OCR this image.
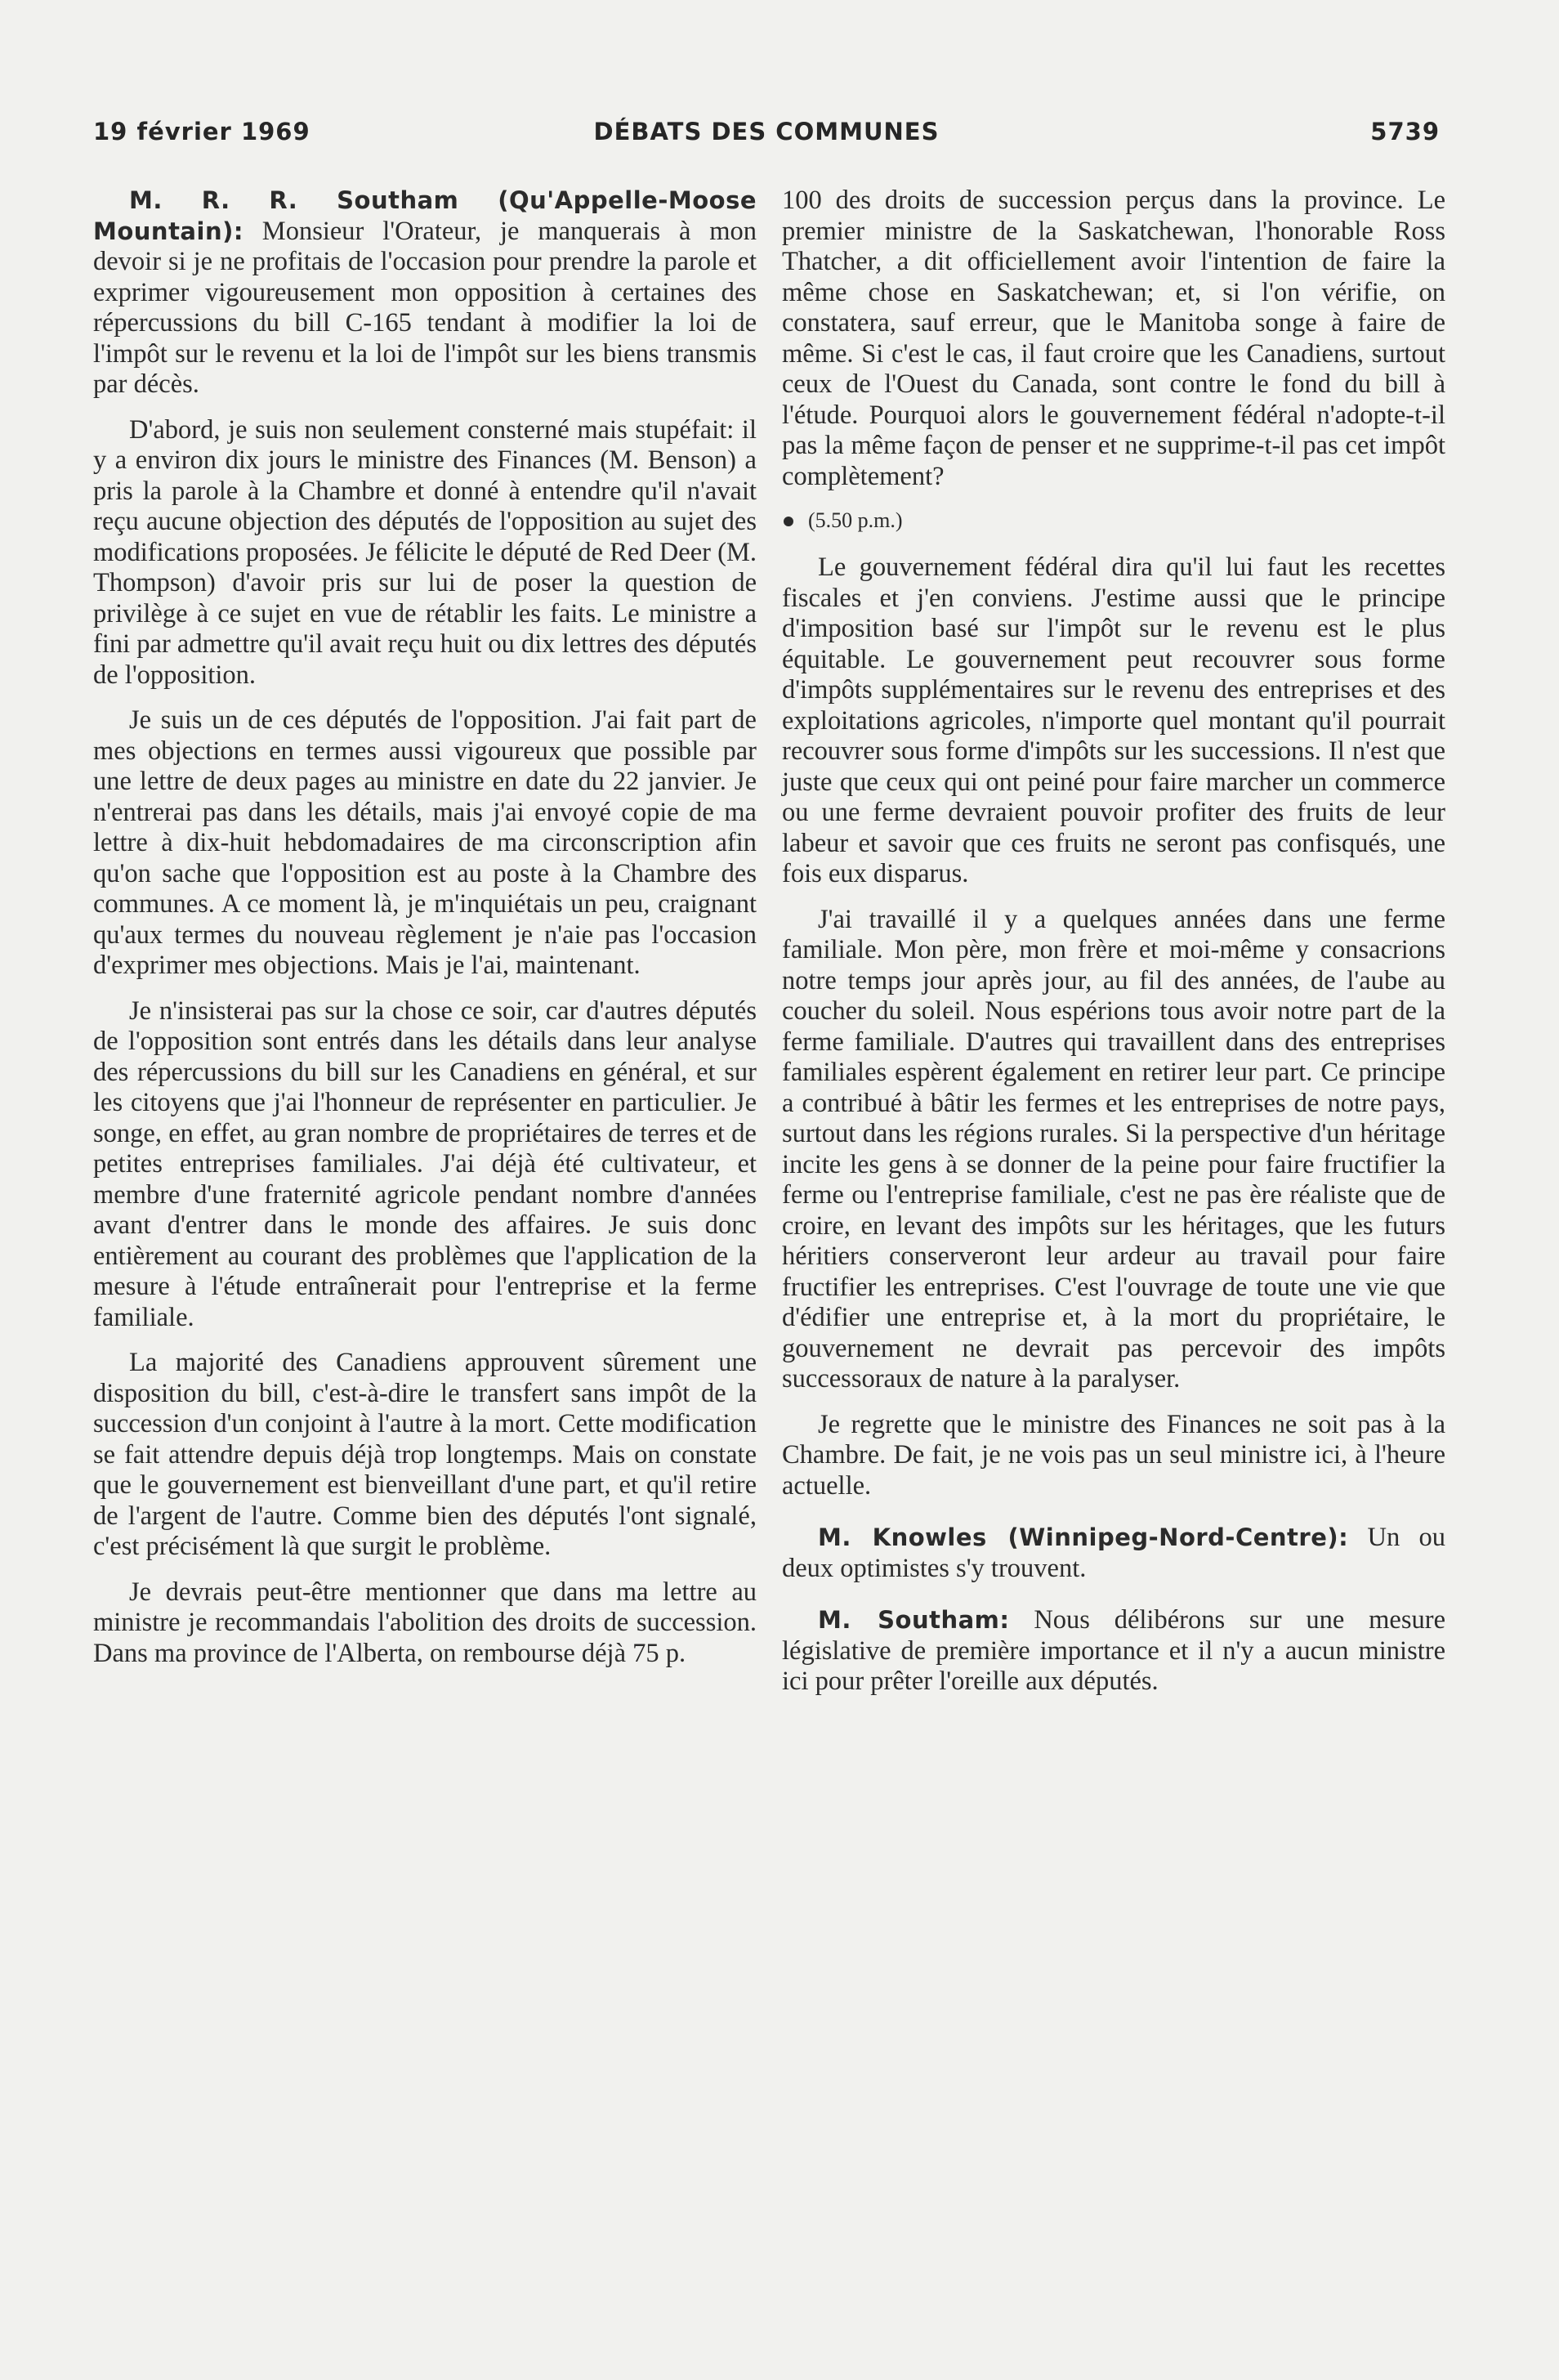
19 février 1969	DÉBATS DES COMMUNES	5739

M. R. R. Southam (Qu'Appelle-Moose Mountain): Monsieur l'Orateur, je manquerais à mon devoir si je ne profitais de l'occasion pour prendre la parole et exprimer vigoureusement mon opposition à certaines des répercussions du bill C-165 tendant à modifier la loi de l'impôt sur le revenu et la loi de l'impôt sur les biens transmis par décès.

D'abord, je suis non seulement consterné mais stupéfait: il y a environ dix jours le ministre des Finances (M. Benson) a pris la parole à la Chambre et donné à entendre qu'il n'avait reçu aucune objection des députés de l'opposition au sujet des modifications proposées. Je félicite le député de Red Deer (M. Thompson) d'avoir pris sur lui de poser la question de privilège à ce sujet en vue de rétablir les faits. Le ministre a fini par admettre qu'il avait reçu huit ou dix lettres des députés de l'opposition.

Je suis un de ces députés de l'opposition. J'ai fait part de mes objections en termes aussi vigoureux que possible par une lettre de deux pages au ministre en date du 22 janvier. Je n'entrerai pas dans les détails, mais j'ai envoyé copie de ma lettre à dix-huit hebdomadaires de ma circonscription afin qu'on sache que l'opposition est au poste à la Chambre des communes. A ce moment là, je m'inquiétais un peu, craignant qu'aux termes du nouveau règlement je n'aie pas l'occasion d'exprimer mes objections. Mais je l'ai, maintenant.

Je n'insisterai pas sur la chose ce soir, car d'autres députés de l'opposition sont entrés dans les détails dans leur analyse des répercussions du bill sur les Canadiens en général, et sur les citoyens que j'ai l'honneur de représenter en particulier. Je songe, en effet, au gran nombre de propriétaires de terres et de petites entreprises familiales. J'ai déjà été cultivateur, et membre d'une fraternité agricole pendant nombre d'années avant d'entrer dans le monde des affaires. Je suis donc entièrement au courant des problèmes que l'application de la mesure à l'étude entraînerait pour l'entreprise et la ferme familiale.

La majorité des Canadiens approuvent sûrement une disposition du bill, c'est-à-dire le transfert sans impôt de la succession d'un conjoint à l'autre à la mort. Cette modification se fait attendre depuis déjà trop longtemps. Mais on constate que le gouvernement est bienveillant d'une part, et qu'il retire de l'argent de l'autre. Comme bien des députés l'ont signalé, c'est précisément là que surgit le problème.

Je devrais peut-être mentionner que dans ma lettre au ministre je recommandais l'abolition des droits de succession. Dans ma province de l'Alberta, on rembourse déjà 75 p.

100 des droits de succession perçus dans la province. Le premier ministre de la Saskatchewan, l'honorable Ross Thatcher, a dit officiellement avoir l'intention de faire la même chose en Saskatchewan; et, si l'on vérifie, on constatera, sauf erreur, que le Manitoba songe à faire de même. Si c'est le cas, il faut croire que les Canadiens, surtout ceux de l'Ouest du Canada, sont contre le fond du bill à l'étude. Pourquoi alors le gouvernement fédéral n'adopte-t-il pas la même façon de penser et ne supprime-t-il pas cet impôt complètement?

(5.50 p.m.)

Le gouvernement fédéral dira qu'il lui faut les recettes fiscales et j'en conviens. J'estime aussi que le principe d'imposition basé sur l'impôt sur le revenu est le plus équitable. Le gouvernement peut recouvrer sous forme d'impôts supplémentaires sur le revenu des entreprises et des exploitations agricoles, n'importe quel montant qu'il pourrait recouvrer sous forme d'impôts sur les successions. Il n'est que juste que ceux qui ont peiné pour faire marcher un commerce ou une ferme devraient pouvoir profiter des fruits de leur labeur et savoir que ces fruits ne seront pas confisqués, une fois eux disparus.

J'ai travaillé il y a quelques années dans une ferme familiale. Mon père, mon frère et moi-même y consacrions notre temps jour après jour, au fil des années, de l'aube au coucher du soleil. Nous espérions tous avoir notre part de la ferme familiale. D'autres qui travaillent dans des entreprises familiales espèrent également en retirer leur part. Ce principe a contribué à bâtir les fermes et les entreprises de notre pays, surtout dans les régions rurales. Si la perspective d'un héritage incite les gens à se donner de la peine pour faire fructifier la ferme ou l'entreprise familiale, c'est ne pas ère réaliste que de croire, en levant des impôts sur les héritages, que les futurs héritiers conserveront leur ardeur au travail pour faire fructifier les entreprises. C'est l'ouvrage de toute une vie que d'édifier une entreprise et, à la mort du propriétaire, le gouvernement ne devrait pas percevoir des impôts successoraux de nature à la paralyser.

Je regrette que le ministre des Finances ne soit pas à la Chambre. De fait, je ne vois pas un seul ministre ici, à l'heure actuelle.

M. Knowles (Winnipeg-Nord-Centre): Un ou deux optimistes s'y trouvent.

M. Southam: Nous délibérons sur une mesure législative de première importance et il n'y a aucun ministre ici pour prêter l'oreille aux députés.
